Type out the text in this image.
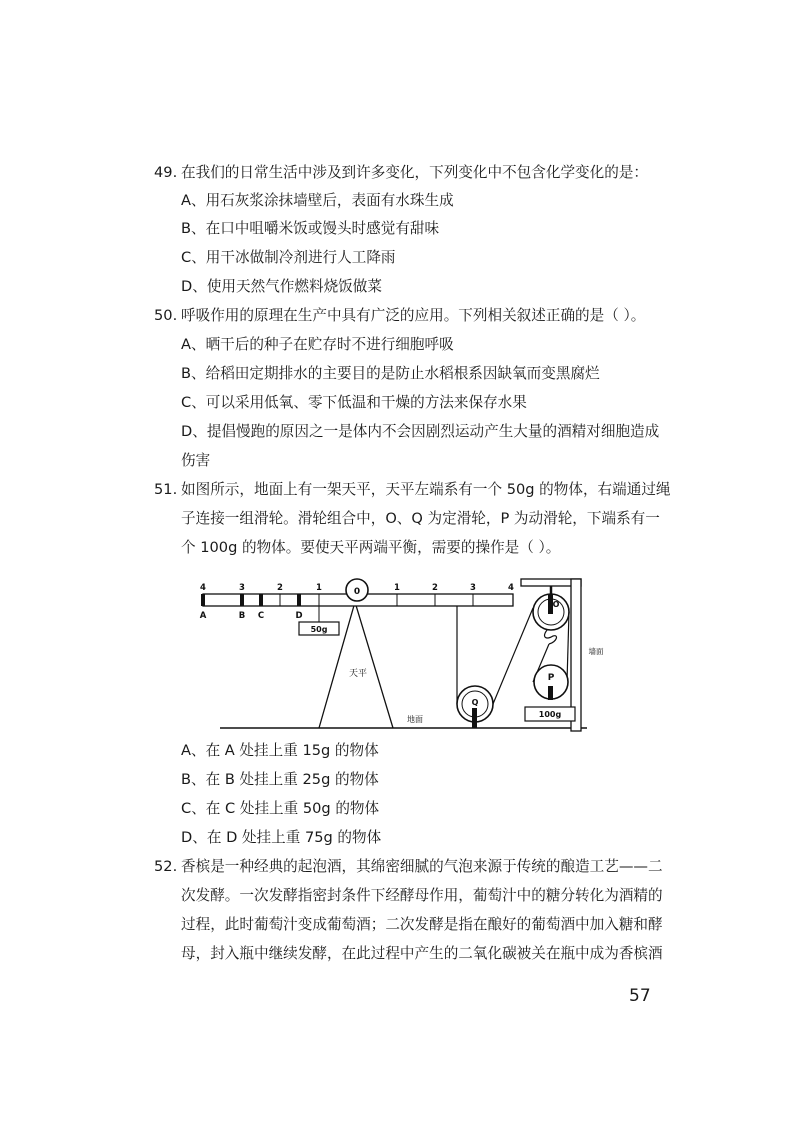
49. 在我们的日常生活中涉及到许多变化，下列变化中不包含化学变化的是：
A、用石灰浆涂抹墙壁后，表面有水珠生成
B、在口中咀嚼米饭或馒头时感觉有甜味
C、用干冰做制冷剂进行人工降雨
D、使用天然气作燃料烧饭做菜
50. 呼吸作用的原理在生产中具有广泛的应用。下列相关叙述正确的是（ ）。
A、晒干后的种子在贮存时不进行细胞呼吸
B、给稻田定期排水的主要目的是防止水稻根系因缺氧而变黑腐烂
C、可以采用低氧、零下低温和干燥的方法来保存水果
D、提倡慢跑的原因之一是体内不会因剧烈运动产生大量的酒精对细胞造成
伤害
51. 如图所示，地面上有一架天平，天平左端系有一个 50g 的物体，右端通过绳
子连接一组滑轮。滑轮组合中，O、Q 为定滑轮，P 为动滑轮，下端系有一
个 100g 的物体。要使天平两端平衡，需要的操作是（ ）。
0
4	3	2	1	1	2	3	4
A	B C	D
50g
天平
地面
Q
墙面
O
P
100g
A、在 A 处挂上重 15g 的物体
B、在 B 处挂上重 25g 的物体
C、在 C 处挂上重 50g 的物体
D、在 D 处挂上重 75g 的物体
52. 香槟是一种经典的起泡酒，其绵密细腻的气泡来源于传统的酿造工艺——二
次发酵。一次发酵指密封条件下经酵母作用，葡萄汁中的糖分转化为酒精的
过程，此时葡萄汁变成葡萄酒；二次发酵是指在酿好的葡萄酒中加入糖和酵
母，封入瓶中继续发酵，在此过程中产生的二氧化碳被关在瓶中成为香槟酒
57
